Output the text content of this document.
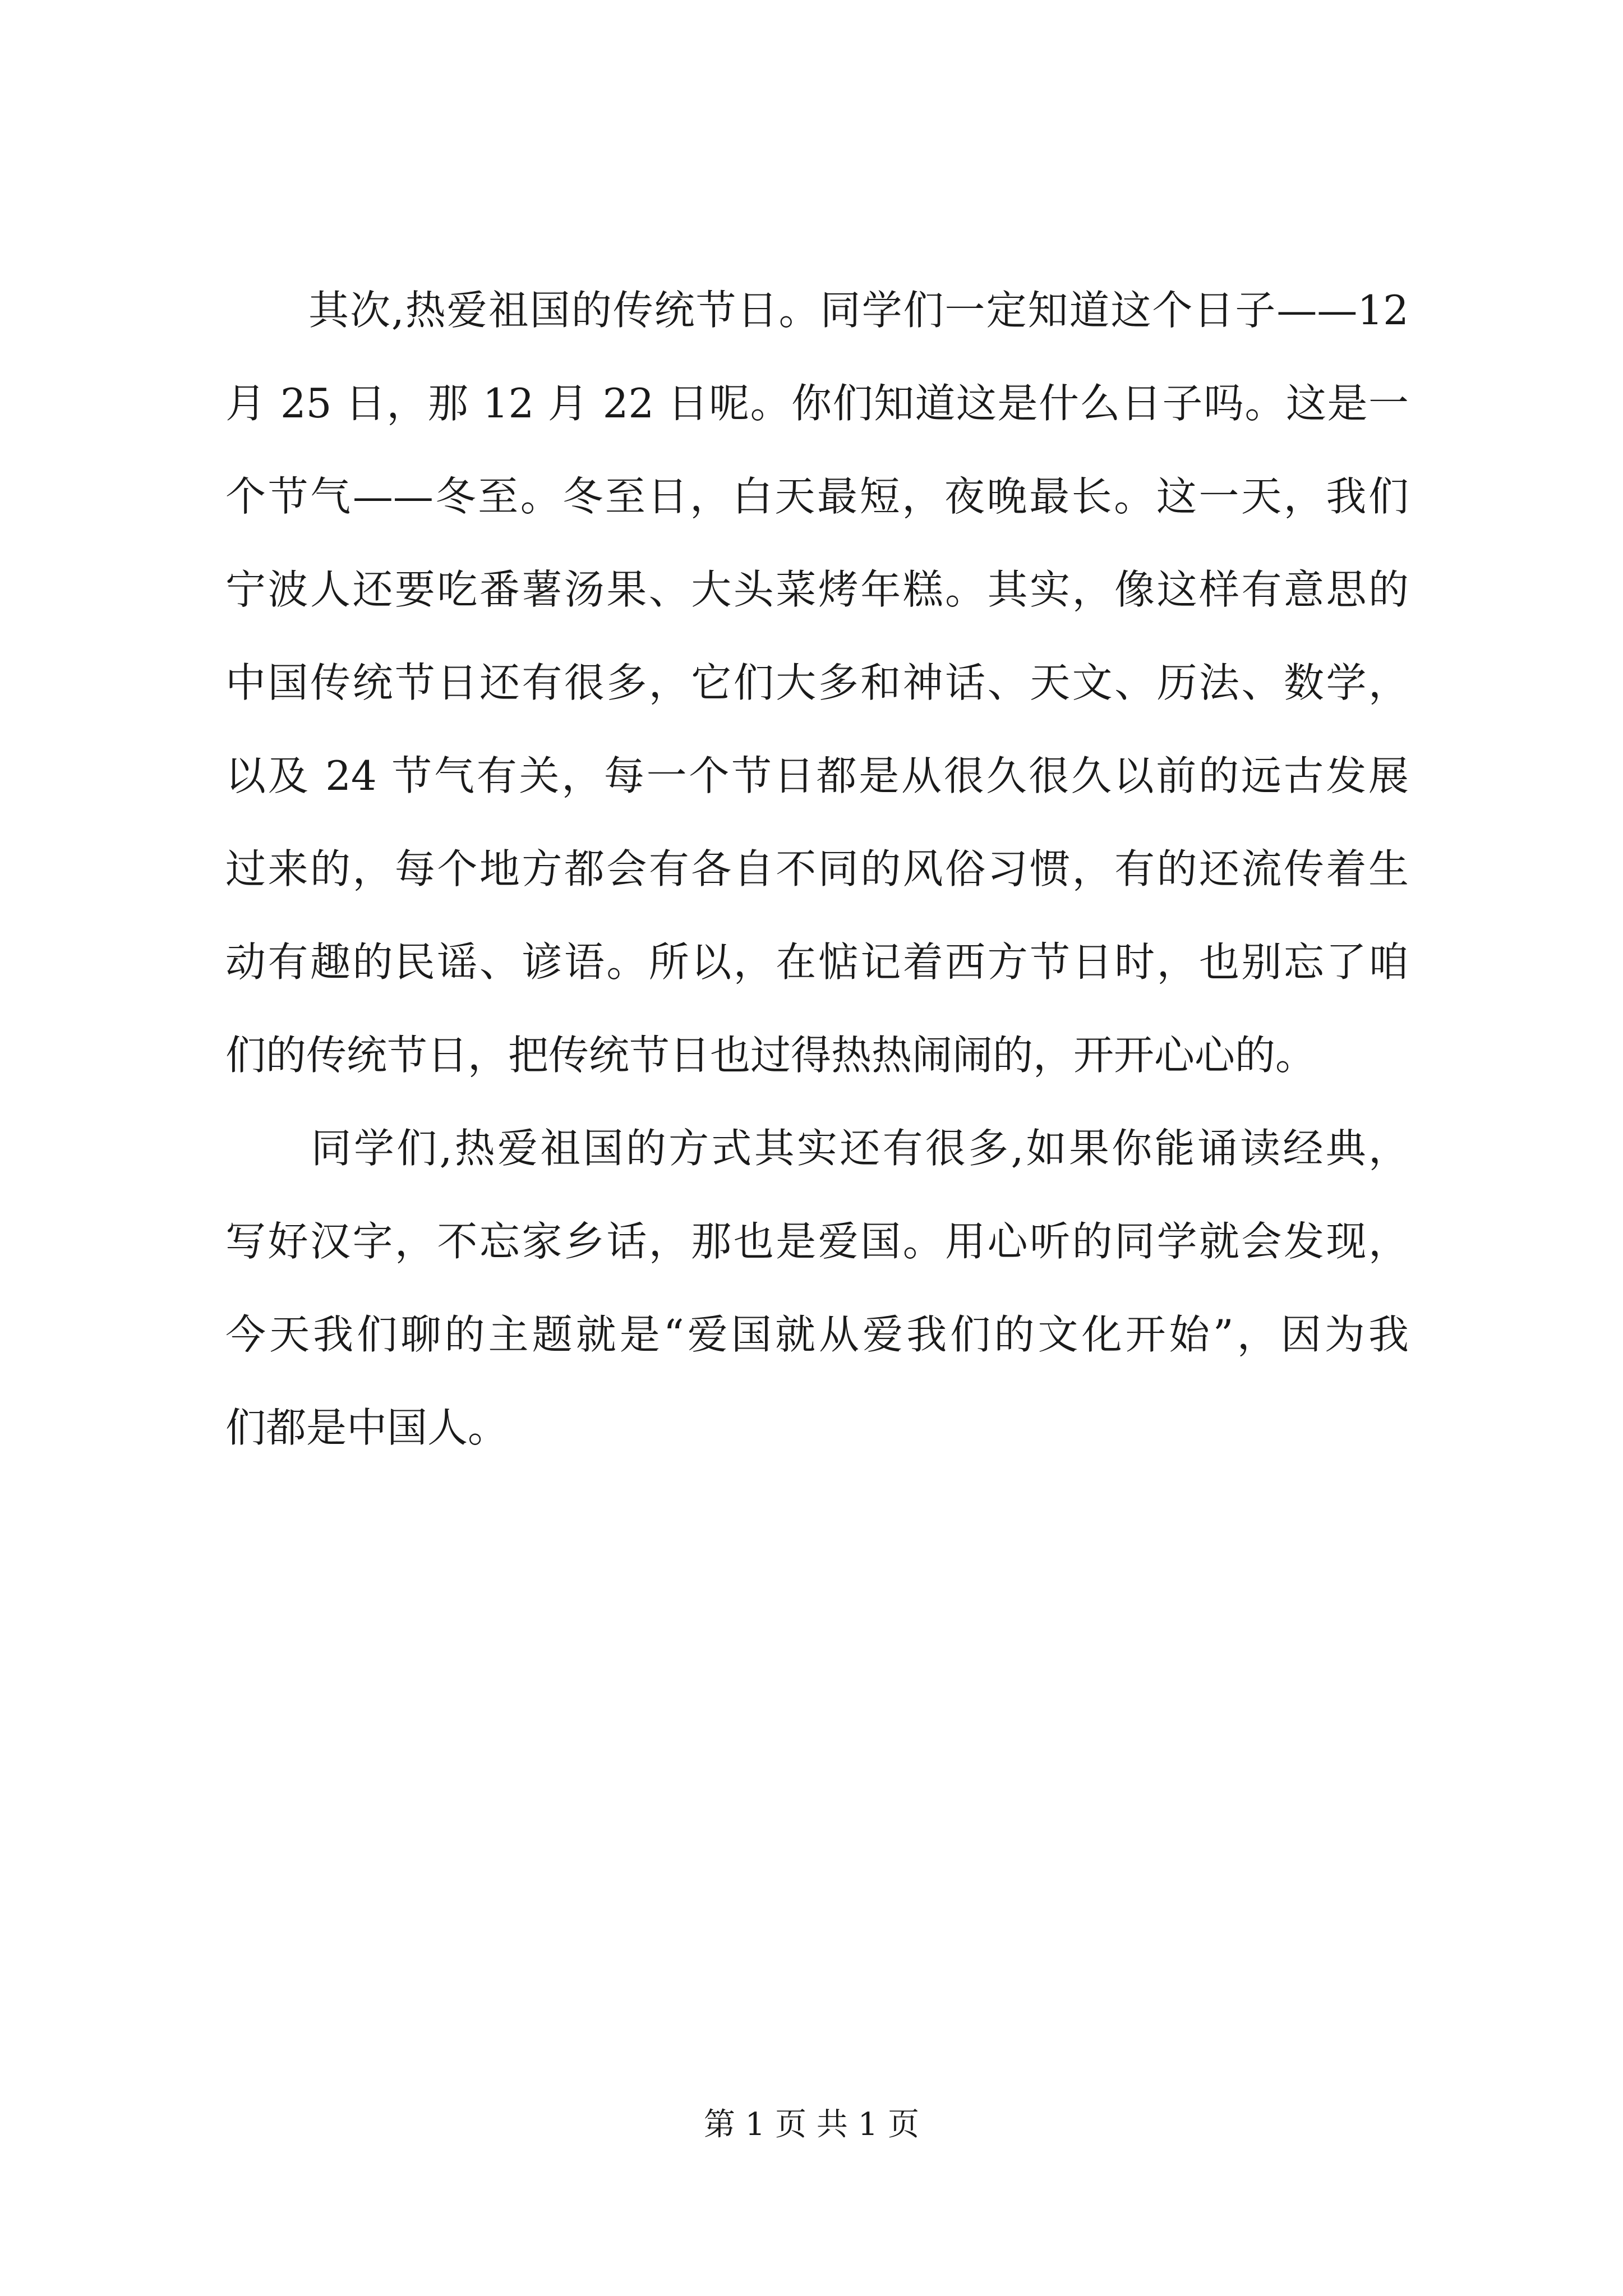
　　其次,热爱祖国的传统节日。同学们一定知道这个日子——12
月 25 日，那 12 月 22 日呢。你们知道这是什么日子吗。这是一
个节气——冬至。冬至日，白天最短，夜晚最长。这一天，我们
宁波人还要吃番薯汤果、大头菜烤年糕。其实，像这样有意思的
中国传统节日还有很多，它们大多和神话、天文、历法、数学，
以及 24 节气有关，每一个节日都是从很久很久以前的远古发展
过来的，每个地方都会有各自不同的风俗习惯，有的还流传着生
动有趣的民谣、谚语。所以，在惦记着西方节日时，也别忘了咱
们的传统节日，把传统节日也过得热热闹闹的，开开心心的。
　　同学们,热爱祖国的方式其实还有很多,如果你能诵读经典，
写好汉字，不忘家乡话，那也是爱国。用心听的同学就会发现，
今天我们聊的主题就是“爱国就从爱我们的文化开始”，因为我
们都是中国人。
第 1 页 共 1 页
